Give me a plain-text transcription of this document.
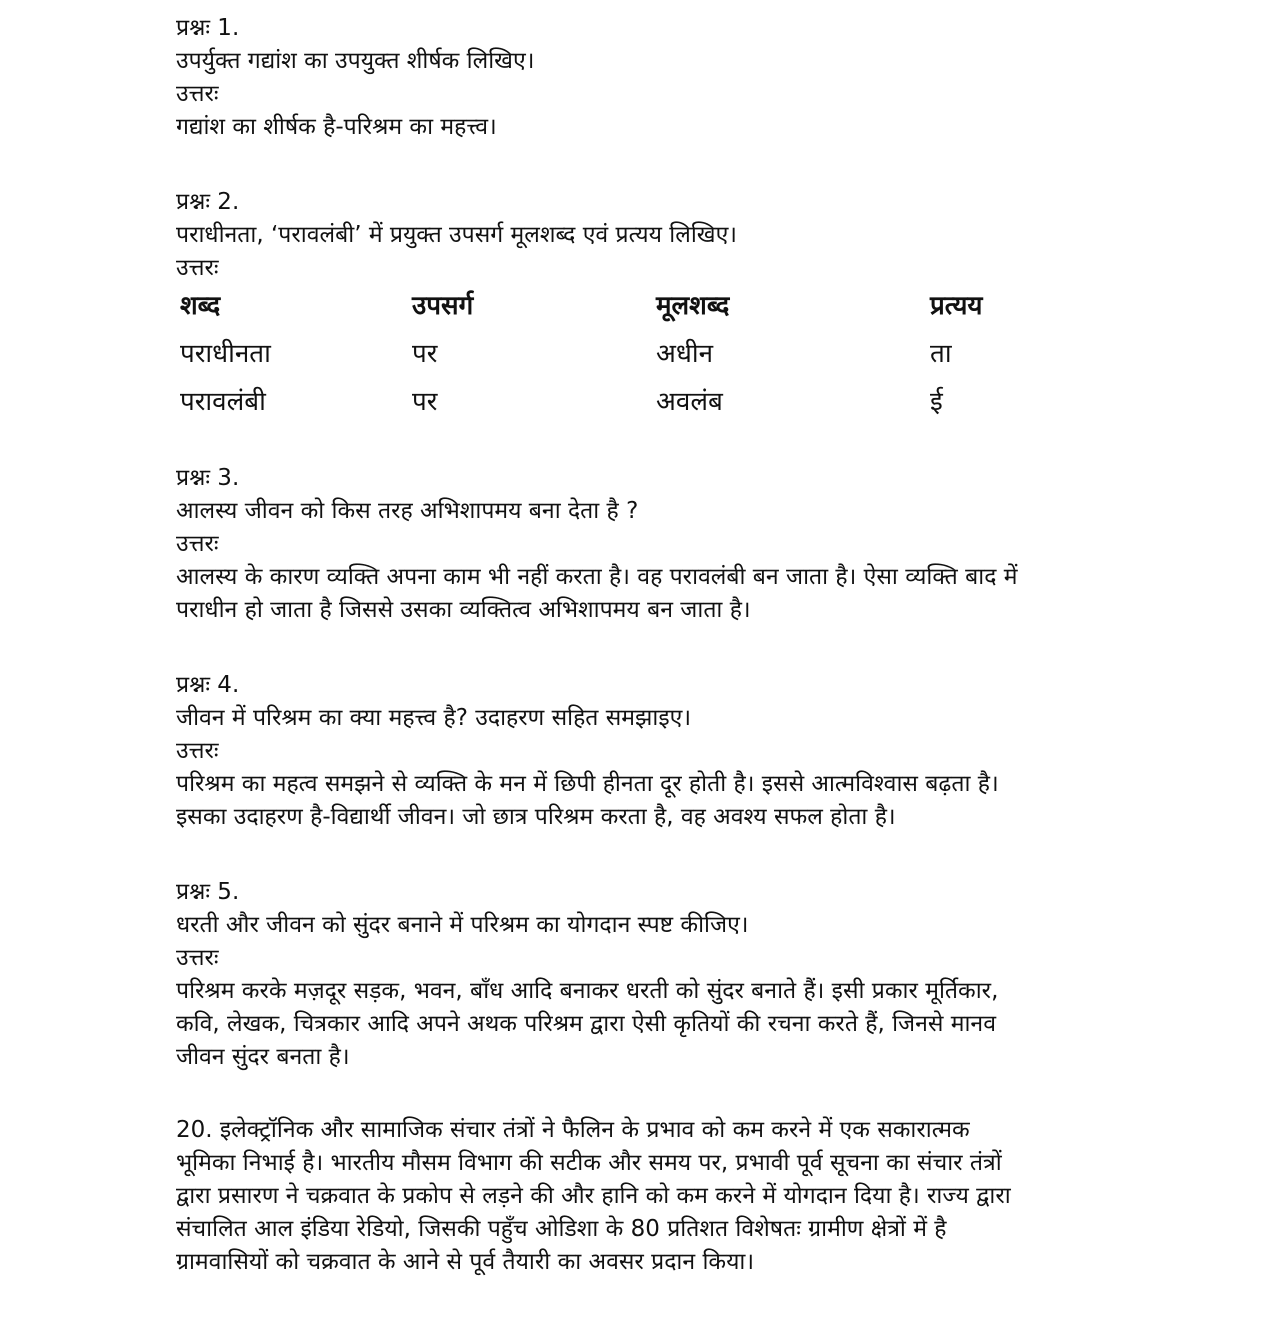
प्रश्नः 1.
उपर्युक्त गद्यांश का उपयुक्त शीर्षक लिखिए।
उत्तरः
गद्यांश का शीर्षक है-परिश्रम का महत्त्व।
प्रश्नः 2.
पराधीनता, ‘परावलंबी’ में प्रयुक्त उपसर्ग मूलशब्द एवं प्रत्यय लिखिए।
उत्तरः
शब्द	उपसर्ग	मूलशब्द	प्रत्यय
पराधीनता	पर	अधीन	ता
परावलंबी	पर	अवलंब	ई
प्रश्नः 3.
आलस्य जीवन को किस तरह अभिशापमय बना देता है ?
उत्तरः
आलस्य के कारण व्यक्ति अपना काम भी नहीं करता है। वह परावलंबी बन जाता है। ऐसा व्यक्ति बाद में
पराधीन हो जाता है जिससे उसका व्यक्तित्व अभिशापमय बन जाता है।
प्रश्नः 4.
जीवन में परिश्रम का क्या महत्त्व है? उदाहरण सहित समझाइए।
उत्तरः
परिश्रम का महत्व समझने से व्यक्ति के मन में छिपी हीनता दूर होती है। इससे आत्मविश्वास बढ़ता है।
इसका उदाहरण है-विद्यार्थी जीवन। जो छात्र परिश्रम करता है, वह अवश्य सफल होता है।
प्रश्नः 5.
धरती और जीवन को सुंदर बनाने में परिश्रम का योगदान स्पष्ट कीजिए।
उत्तरः
परिश्रम करके मज़दूर सड़क, भवन, बाँध आदि बनाकर धरती को सुंदर बनाते हैं। इसी प्रकार मूर्तिकार,
कवि, लेखक, चित्रकार आदि अपने अथक परिश्रम द्वारा ऐसी कृतियों की रचना करते हैं, जिनसे मानव
जीवन सुंदर बनता है।
20. इलेक्ट्रॉनिक और सामाजिक संचार तंत्रों ने फैलिन के प्रभाव को कम करने में एक सकारात्मक
भूमिका निभाई है। भारतीय मौसम विभाग की सटीक और समय पर, प्रभावी पूर्व सूचना का संचार तंत्रों
द्वारा प्रसारण ने चक्रवात के प्रकोप से लड़ने की और हानि को कम करने में योगदान दिया है। राज्य द्वारा
संचालित आल इंडिया रेडियो, जिसकी पहुँच ओडिशा के 80 प्रतिशत विशेषतः ग्रामीण क्षेत्रों में है
ग्रामवासियों को चक्रवात के आने से पूर्व तैयारी का अवसर प्रदान किया।
